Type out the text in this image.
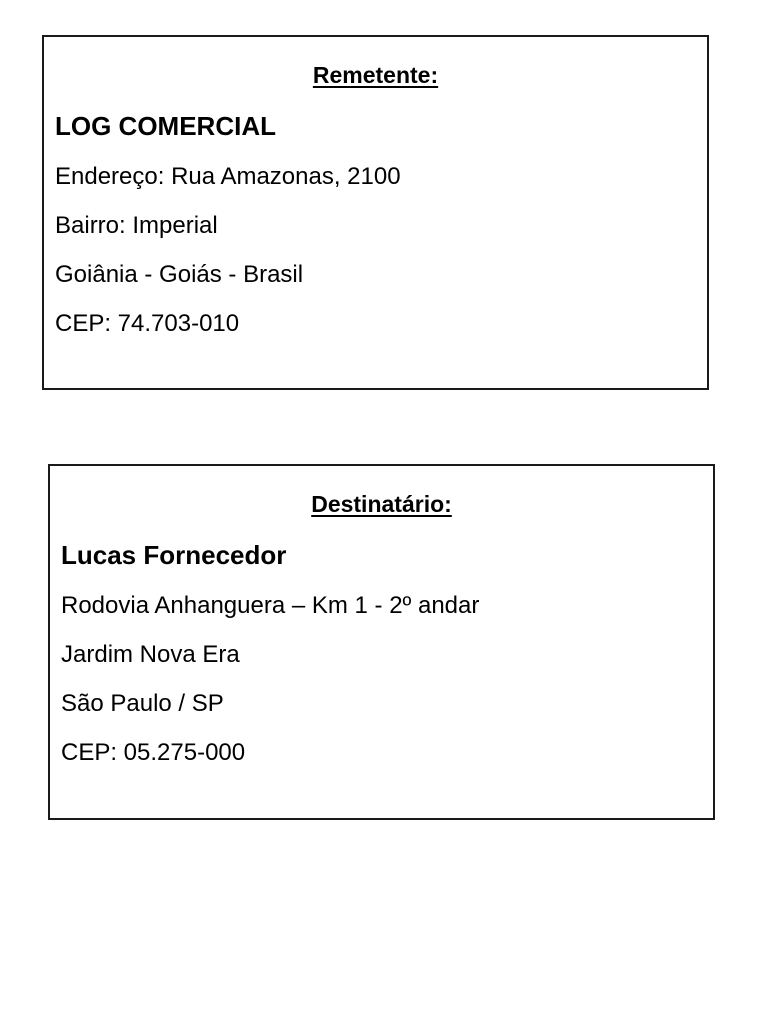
Remetente:
LOG COMERCIAL
Endereço: Rua Amazonas, 2100
Bairro: Imperial
Goiânia - Goiás - Brasil
CEP: 74.703-010
Destinatário:
Lucas Fornecedor
Rodovia Anhanguera – Km 1 - 2º andar
Jardim Nova Era
São Paulo / SP
CEP: 05.275-000
